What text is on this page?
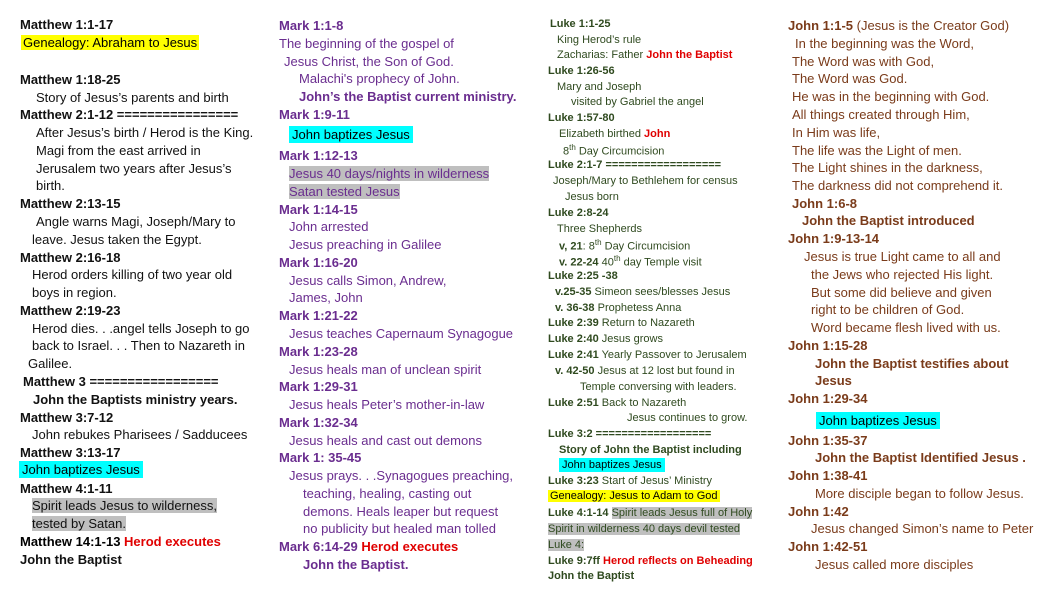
Matthew 1:1-17
Genealogy: Abraham to Jesus
Matthew 1:18-25
Story of Jesus’s parents and birth
Matthew 2:1-12 ================
After Jesus’s birth / Herod is the King.
Magi from the east arrived in
Jerusalem two years after Jesus’s
birth.
Matthew 2:13-15
Angle warns Magi, Joseph/Mary to
leave. Jesus taken the Egypt.
Matthew 2:16-18
Herod orders killing of two year old
boys in region.
Matthew 2:19-23
Herod dies. . .angel tells Joseph to go
back to Israel. . . Then to Nazareth in
Galilee.
Matthew 3 =================
John the Baptists ministry years.
Matthew 3:7-12
John rebukes Pharisees / Sadducees
Matthew 3:13-17
John baptizes Jesus
Matthew 4:1-11
Spirit leads Jesus to wilderness,
tested by Satan.
Matthew 14:1-13 Herod executes
John the Baptist
Mark 1:1-8
The beginning of the gospel of
Jesus Christ, the Son of God.
Malachi's prophecy of John.
John’s the Baptist current ministry.
Mark 1:9-11
John baptizes Jesus
Mark 1:12-13
Jesus 40 days/nights in wilderness
Satan tested Jesus
Mark 1:14-15
John arrested
Jesus preaching in Galilee
Mark 1:16-20
Jesus calls Simon, Andrew,
James, John
Mark 1:21-22
Jesus teaches Capernaum Synagogue
Mark 1:23-28
Jesus heals man of unclean spirit
Mark 1:29-31
Jesus heals Peter’s mother-in-law
Mark 1:32-34
Jesus heals and cast out demons
Mark 1: 35-45
Jesus prays. . .Synagogues preaching,
teaching, healing, casting out
demons. Heals leaper but request
no publicity but healed man tolled
Mark 6:14-29 Herod executes
John the Baptist.
Luke 1:1-25
King Herod’s rule
Zacharias: Father John the Baptist
Luke 1:26-56
Mary and Joseph
visited by Gabriel the angel
Luke 1:57-80
Elizabeth birthed John
8th Day Circumcision
Luke 2:1-7 ==================
Joseph/Mary to Bethlehem for census
Jesus born
Luke 2:8-24
Three Shepherds
v, 21: 8th Day Circumcision
v. 22-24 40th day Temple visit
Luke 2:25 -38
v.25-35 Simeon sees/blesses Jesus
v. 36-38 Prophetess Anna
Luke 2:39 Return to Nazareth
Luke 2:40 Jesus grows
Luke 2:41 Yearly Passover to Jerusalem
v. 42-50 Jesus at 12 lost but found in
Temple conversing with leaders.
Luke 2:51 Back to Nazareth
Jesus continues to grow.
Luke 3:2 ==================
Story of John the Baptist including
John baptizes Jesus
Luke 3:23 Start of Jesus’ Ministry
Genealogy: Jesus to Adam to God
Luke 4:1-14 Spirit leads Jesus full of Holy
Spirit in wilderness 40 days devil tested
Luke 4:
Luke 9:7ff Herod reflects on Beheading
John the Baptist
John 1:1-5 (Jesus is the Creator God)
In the beginning was the Word,
The Word was with God,
The Word was God.
He was in the beginning with God.
All things created through Him,
In Him was life,
The life was the Light of men.
The Light shines in the darkness,
The darkness did not comprehend it.
John 1:6-8
John the Baptist introduced
John 1:9-13-14
Jesus is true Light came to all and
the Jews who rejected His light.
But some did believe and given
right to be children of God.
Word became flesh lived with us.
John 1:15-28
John the Baptist testifies about
Jesus
John 1:29-34
John baptizes Jesus
John 1:35-37
John the Baptist Identified Jesus .
John 1:38-41
More disciple began to follow Jesus.
John 1:42
Jesus changed Simon’s name to Peter
John 1:42-51
Jesus called more disciples
